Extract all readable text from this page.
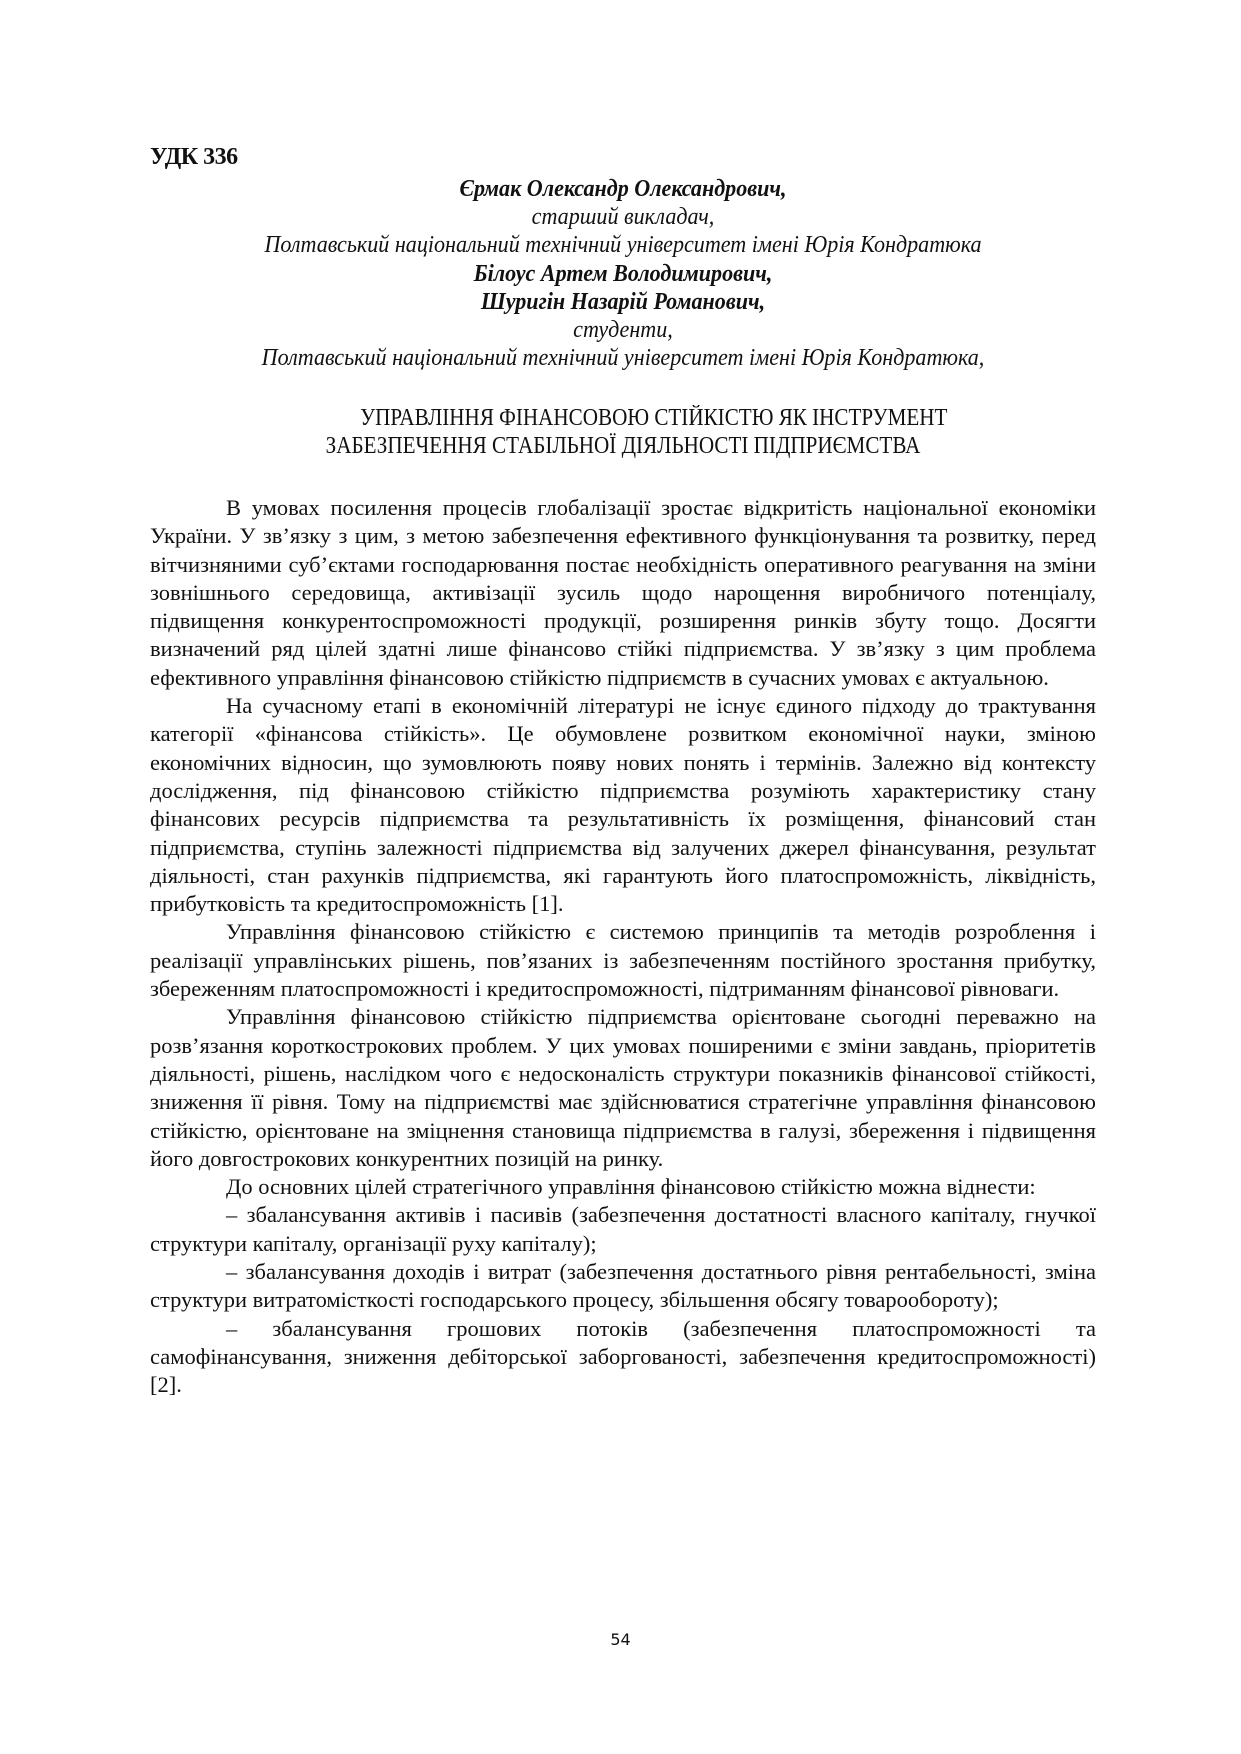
УДК 336
Єрмак Олександр Олександрович,
старший викладач,
Полтавський національний технічний університет імені Юрія Кондратюка
Білоус Артем Володимирович,
Шуригін Назарій Романович,
студенти,
Полтавський національний технічний університет імені Юрія Кондратюка,
УПРАВЛІННЯ ФІНАНСОВОЮ СТІЙКІСТЮ ЯК ІНСТРУМЕНТ
ЗАБЕЗПЕЧЕННЯ СТАБІЛЬНОЇ ДІЯЛЬНОСТІ ПІДПРИЄМСТВА

В умовах посилення процесів глобалізації зростає відкритість національної економіки України. У зв’язку з цим, з метою забезпечення ефективного функціонування та розвитку, перед вітчизняними суб’єктами господарювання постає необхідність оперативного реагування на зміни зовнішнього середовища, активізації зусиль щодо нарощення виробничого потенціалу, підвищення конкурентоспроможності продукції, розширення ринків збуту тощо. Досягти визначений ряд цілей здатні лише фінансово стійкі підприємства. У зв’язку з цим проблема ефективного управління фінансовою стійкістю підприємств в сучасних умовах є актуальною.

На сучасному етапі в економічній літературі не існує єдиного підходу до трактування категорії «фінансова стійкість». Це обумовлене розвитком економічної науки, зміною економічних відносин, що зумовлюють появу нових понять і термінів. Залежно від контексту дослідження, під фінансовою стійкістю підприємства розуміють характеристику стану фінансових ресурсів підприємства та результативність їх розміщення, фінансовий стан підприємства, ступінь залежності підприємства від залучених джерел фінансування, результат діяльності, стан рахунків підприємства, які гарантують його платоспроможність, ліквідність, прибутковість та кредитоспроможність [1].

Управління фінансовою стійкістю є системою принципів та методів розроблення і реалізації управлінських рішень, пов’язаних із забезпеченням постійного зростання прибутку, збереженням платоспроможності і кредитоспроможності, підтриманням фінансової рівноваги.

Управління фінансовою стійкістю підприємства орієнтоване сьогодні переважно на розв’язання короткострокових проблем. У цих умовах поширеними є зміни завдань, пріоритетів діяльності, рішень, наслідком чого є недосконалість структури показників фінансової стійкості, зниження її рівня. Тому на підприємстві має здійснюватися стратегічне управління фінансовою стійкістю, орієнтоване на зміцнення становища підприємства в галузі, збереження і підвищення його довгострокових конкурентних позицій на ринку.

До основних цілей стратегічного управління фінансовою стійкістю можна віднести:

– збалансування активів і пасивів (забезпечення достатності власного капіталу, гнучкої структури капіталу, організації руху капіталу);

– збалансування доходів і витрат (забезпечення достатнього рівня рентабельності, зміна структури витратомісткості господарського процесу, збільшення обсягу товарообороту);

– збалансування грошових потоків (забезпечення платоспроможності та самофінансування, зниження дебіторської заборгованості, забезпечення кредитоспроможності) [2].

54
